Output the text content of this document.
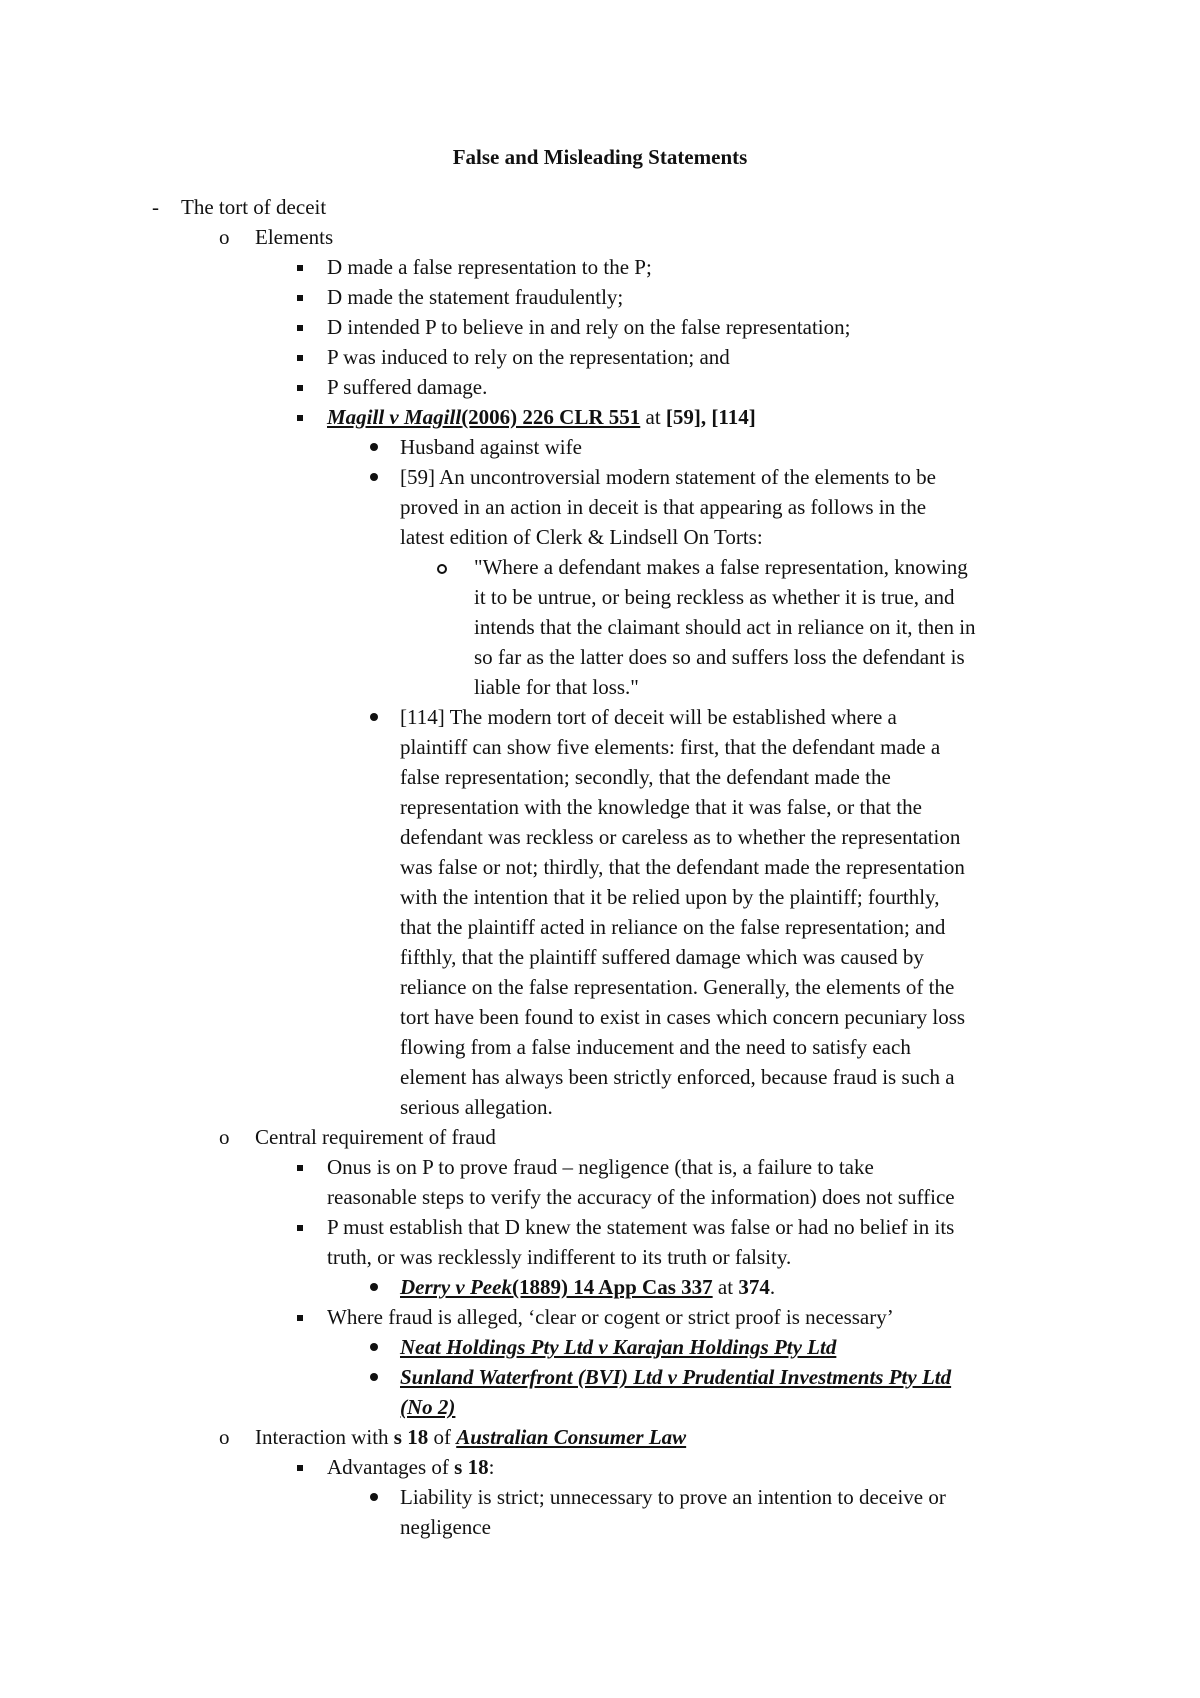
False and Misleading Statements
- The tort of deceit
o Elements
D made a false representation to the P;
D made the statement fraudulently;
D intended P to believe in and rely on the false representation;
P was induced to rely on the representation; and
P suffered damage.
Magill v Magill(2006) 226 CLR 551 at [59], [114]
Husband against wife
[59] An uncontroversial modern statement of the elements to be
proved in an action in deceit is that appearing as follows in the
latest edition of Clerk & Lindsell On Torts:
"Where a defendant makes a false representation, knowing
it to be untrue, or being reckless as whether it is true, and
intends that the claimant should act in reliance on it, then in
so far as the latter does so and suffers loss the defendant is
liable for that loss."
[114] The modern tort of deceit will be established where a
plaintiff can show five elements: first, that the defendant made a
false representation; secondly, that the defendant made the
representation with the knowledge that it was false, or that the
defendant was reckless or careless as to whether the representation
was false or not; thirdly, that the defendant made the representation
with the intention that it be relied upon by the plaintiff; fourthly,
that the plaintiff acted in reliance on the false representation; and
fifthly, that the plaintiff suffered damage which was caused by
reliance on the false representation. Generally, the elements of the
tort have been found to exist in cases which concern pecuniary loss
flowing from a false inducement and the need to satisfy each
element has always been strictly enforced, because fraud is such a
serious allegation.
o Central requirement of fraud
Onus is on P to prove fraud – negligence (that is, a failure to take
reasonable steps to verify the accuracy of the information) does not suffice
P must establish that D knew the statement was false or had no belief in its
truth, or was recklessly indifferent to its truth or falsity.
Derry v Peek(1889) 14 App Cas 337 at 374.
Where fraud is alleged, ‘clear or cogent or strict proof is necessary’
Neat Holdings Pty Ltd v Karajan Holdings Pty Ltd
Sunland Waterfront (BVI) Ltd v Prudential Investments Pty Ltd
(No 2)
o Interaction with s 18 of Australian Consumer Law
Advantages of s 18:
Liability is strict; unnecessary to prove an intention to deceive or
negligence
